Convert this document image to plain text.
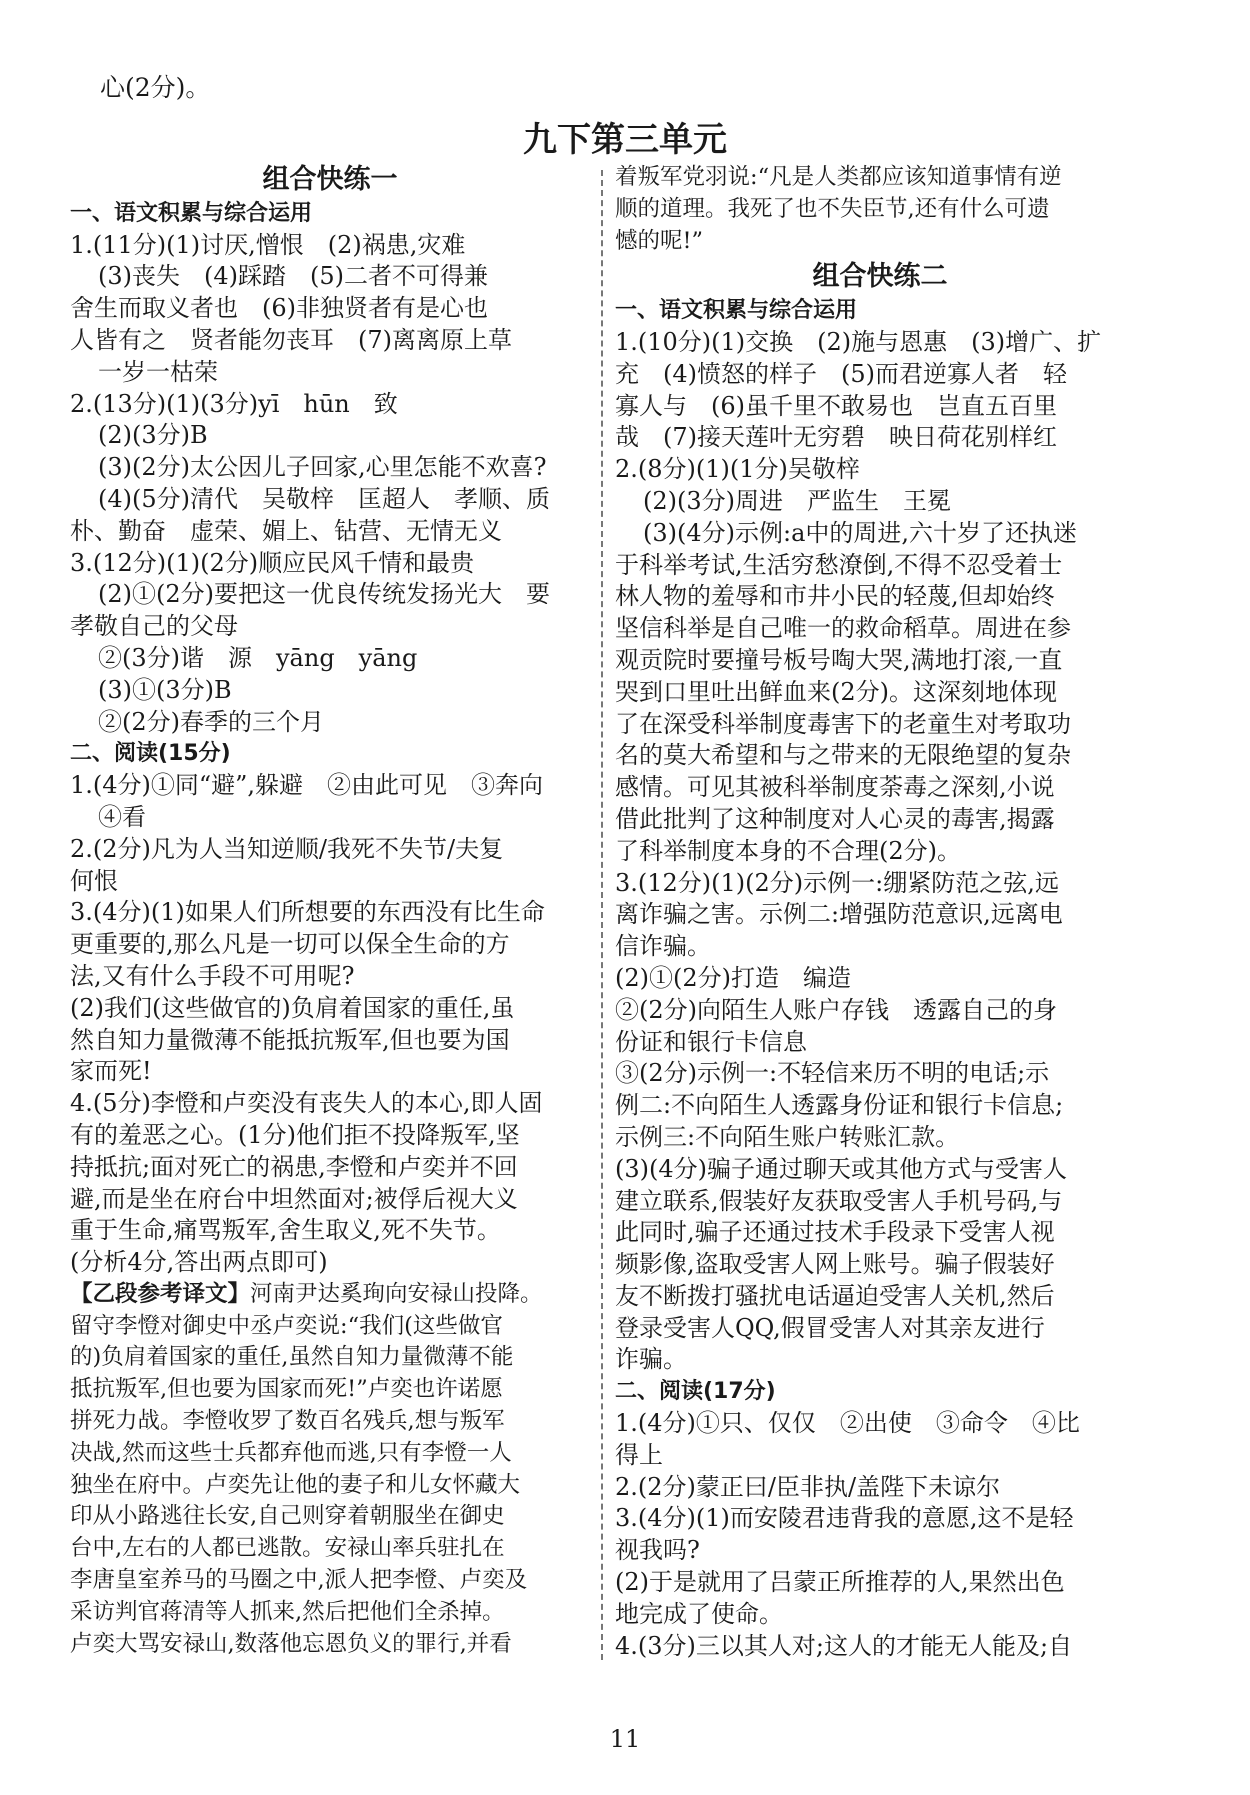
心(2分)。
九下第三单元
组合快练一
一、语文积累与综合运用
1.(11分)(1)讨厌,憎恨　(2)祸患,灾难
(3)丧失　(4)踩踏　(5)二者不可得兼
舍生而取义者也　(6)非独贤者有是心也
人皆有之　贤者能勿丧耳　(7)离离原上草
一岁一枯荣
2.(13分)(1)(3分)yī　hūn　致
(2)(3分)B
(3)(2分)太公因儿子回家,心里怎能不欢喜?
(4)(5分)清代　吴敬梓　匡超人　孝顺、质
朴、勤奋　虚荣、媚上、钻营、无情无义
3.(12分)(1)(2分)顺应民风千情和最贵
(2)①(2分)要把这一优良传统发扬光大　要
孝敬自己的父母
②(3分)谐　源　yāng　yāng
(3)①(3分)B
②(2分)春季的三个月
二、阅读(15分)
1.(4分)①同“避”,躲避　②由此可见　③奔向
④看
2.(2分)凡为人当知逆顺/我死不失节/夫复
何恨
3.(4分)(1)如果人们所想要的东西没有比生命
更重要的,那么凡是一切可以保全生命的方
法,又有什么手段不可用呢?
(2)我们(这些做官的)负肩着国家的重任,虽
然自知力量微薄不能抵抗叛军,但也要为国
家而死!
4.(5分)李憕和卢奕没有丧失人的本心,即人固
有的羞恶之心。(1分)他们拒不投降叛军,坚
持抵抗;面对死亡的祸患,李憕和卢奕并不回
避,而是坐在府台中坦然面对;被俘后视大义
重于生命,痛骂叛军,舍生取义,死不失节。
(分析4分,答出两点即可)
【乙段参考译文】河南尹达奚珣向安禄山投降。
留守李憕对御史中丞卢奕说:“我们(这些做官
的)负肩着国家的重任,虽然自知力量微薄不能
抵抗叛军,但也要为国家而死!”卢奕也许诺愿
拼死力战。李憕收罗了数百名残兵,想与叛军
决战,然而这些士兵都弃他而逃,只有李憕一人
独坐在府中。卢奕先让他的妻子和儿女怀藏大
印从小路逃往长安,自己则穿着朝服坐在御史
台中,左右的人都已逃散。安禄山率兵驻扎在
李唐皇室养马的马圈之中,派人把李憕、卢奕及
采访判官蒋清等人抓来,然后把他们全杀掉。
卢奕大骂安禄山,数落他忘恩负义的罪行,并看
着叛军党羽说:“凡是人类都应该知道事情有逆
顺的道理。我死了也不失臣节,还有什么可遗
憾的呢!”
组合快练二
一、语文积累与综合运用
1.(10分)(1)交换　(2)施与恩惠　(3)增广、扩
充　(4)愤怒的样子　(5)而君逆寡人者　轻
寡人与　(6)虽千里不敢易也　岂直五百里
哉　(7)接天莲叶无穷碧　映日荷花别样红
2.(8分)(1)(1分)吴敬梓
(2)(3分)周进　严监生　王冕
(3)(4分)示例:a中的周进,六十岁了还执迷
于科举考试,生活穷愁潦倒,不得不忍受着士
林人物的羞辱和市井小民的轻蔑,但却始终
坚信科举是自己唯一的救命稻草。周进在参
观贡院时要撞号板号啕大哭,满地打滚,一直
哭到口里吐出鲜血来(2分)。这深刻地体现
了在深受科举制度毒害下的老童生对考取功
名的莫大希望和与之带来的无限绝望的复杂
感情。可见其被科举制度荼毒之深刻,小说
借此批判了这种制度对人心灵的毒害,揭露
了科举制度本身的不合理(2分)。
3.(12分)(1)(2分)示例一:绷紧防范之弦,远
离诈骗之害。示例二:增强防范意识,远离电
信诈骗。
(2)①(2分)打造　编造
②(2分)向陌生人账户存钱　透露自己的身
份证和银行卡信息
③(2分)示例一:不轻信来历不明的电话;示
例二:不向陌生人透露身份证和银行卡信息;
示例三:不向陌生账户转账汇款。
(3)(4分)骗子通过聊天或其他方式与受害人
建立联系,假装好友获取受害人手机号码,与
此同时,骗子还通过技术手段录下受害人视
频影像,盗取受害人网上账号。骗子假装好
友不断拨打骚扰电话逼迫受害人关机,然后
登录受害人QQ,假冒受害人对其亲友进行
诈骗。
二、阅读(17分)
1.(4分)①只、仅仅　②出使　③命令　④比
得上
2.(2分)蒙正曰/臣非执/盖陛下未谅尔
3.(4分)(1)而安陵君违背我的意愿,这不是轻
视我吗?
(2)于是就用了吕蒙正所推荐的人,果然出色
地完成了使命。
4.(3分)三以其人对;这人的才能无人能及;自
11
